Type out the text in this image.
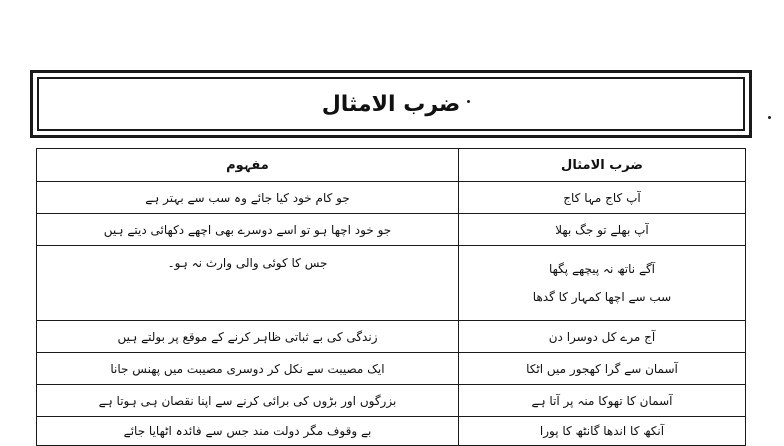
ضرب الامثال
ضرب الامثال	مفہوم
آپ کاج مہا کاج	جو کام خود کیا جائے وہ سب سے بہتر ہے
آپ بھلے تو جگ بھلا	جو خود اچھا ہو تو اسے دوسرے بھی اچھے دکھائی دیتے ہیں

آگے ناتھ نہ پیچھے پگھا
سب سے اچھا کمہار کا گدھا	جس کا کوئی والی وارث نہ ہو۔
آج مرے کل دوسرا دن	زندگی کی بے ثباتی ظاہر کرنے کے موقع پر بولتے ہیں
آسمان سے گرا کھجور میں اٹکا	ایک مصیبت سے نکل کر دوسری مصیبت میں پھنس جانا
آسمان کا تھوکا منہ پر آتا ہے	بزرگوں اور بڑوں کی برائی کرنے سے اپنا نقصان ہی ہوتا ہے
آنکھ کا اندھا گانٹھ کا پورا	بے وقوف مگر دولت مند جس سے فائدہ اٹھایا جائے
